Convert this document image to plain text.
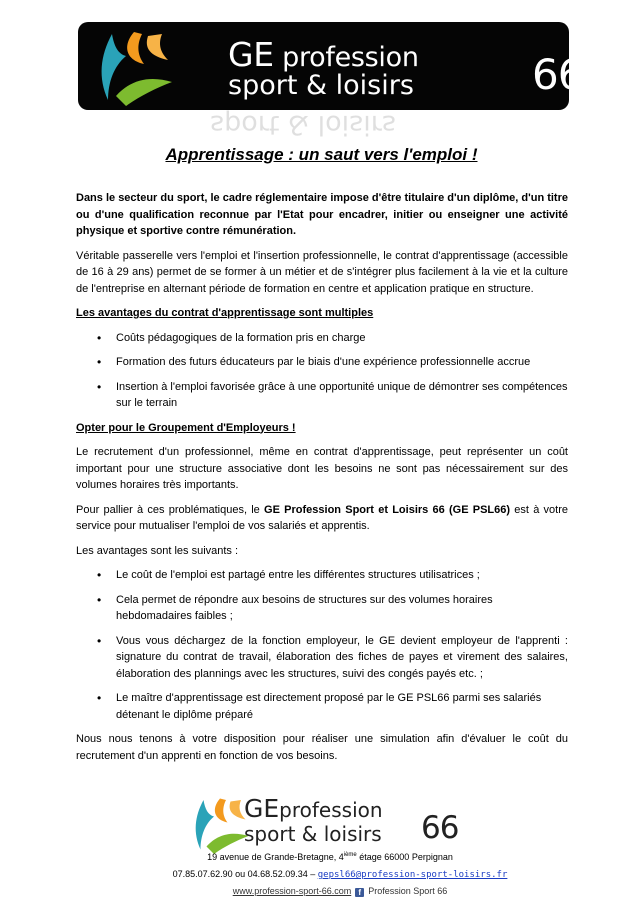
GE profession
sport & loisirs	66
sport & loisirs
Apprentissage : un saut vers l'emploi !

Dans le secteur du sport, le cadre réglementaire impose d'être titulaire d'un diplôme, d'un titre ou d'une qualification reconnue par l'Etat pour encadrer, initier ou enseigner une activité physique et sportive contre rémunération.

Véritable passerelle vers l'emploi et l'insertion professionnelle, le contrat d'apprentissage (accessible de 16 à 29 ans) permet de se former à un métier et de s'intégrer plus facilement à la vie et la culture de l'entreprise en alternant période de formation en centre et application pratique en structure.

Les avantages du contrat d'apprentissage sont multiples

• Coûts pédagogiques de la formation pris en charge
• Formation des futurs éducateurs par le biais d'une expérience professionnelle accrue
• Insertion à l'emploi favorisée grâce à une opportunité unique de démontrer ses compétences sur le terrain

Opter pour le Groupement d'Employeurs !

Le recrutement d'un professionnel, même en contrat d'apprentissage, peut représenter un coût important pour une structure associative dont les besoins ne sont pas nécessairement sur des volumes horaires très importants.

Pour pallier à ces problématiques, le GE Profession Sport et Loisirs 66 (GE PSL66) est à votre service pour mutualiser l'emploi de vos salariés et apprentis.

Les avantages sont les suivants :

• Le coût de l'emploi est partagé entre les différentes structures utilisatrices ;
• Cela permet de répondre aux besoins de structures sur des volumes horaires hebdomadaires faibles ;
• Vous vous déchargez de la fonction employeur, le GE devient employeur de l'apprenti : signature du contrat de travail, élaboration des fiches de payes et virement des salaires, élaboration des plannings avec les structures, suivi des congés payés etc. ;
• Le maître d'apprentissage est directement proposé par le GE PSL66 parmi ses salariés détenant le diplôme préparé

Nous nous tenons à votre disposition pour réaliser une simulation afin d'évaluer le coût du recrutement d'un apprenti en fonction de vos besoins.

GEprofession
sport & loisirs 66
19 avenue de Grande-Bretagne, 4ième étage 66000 Perpignan
07.85.07.62.90 ou 04.68.52.09.34 – gepsl66@profession-sport-loisirs.fr
www.profession-sport-66.com f Profession Sport 66
